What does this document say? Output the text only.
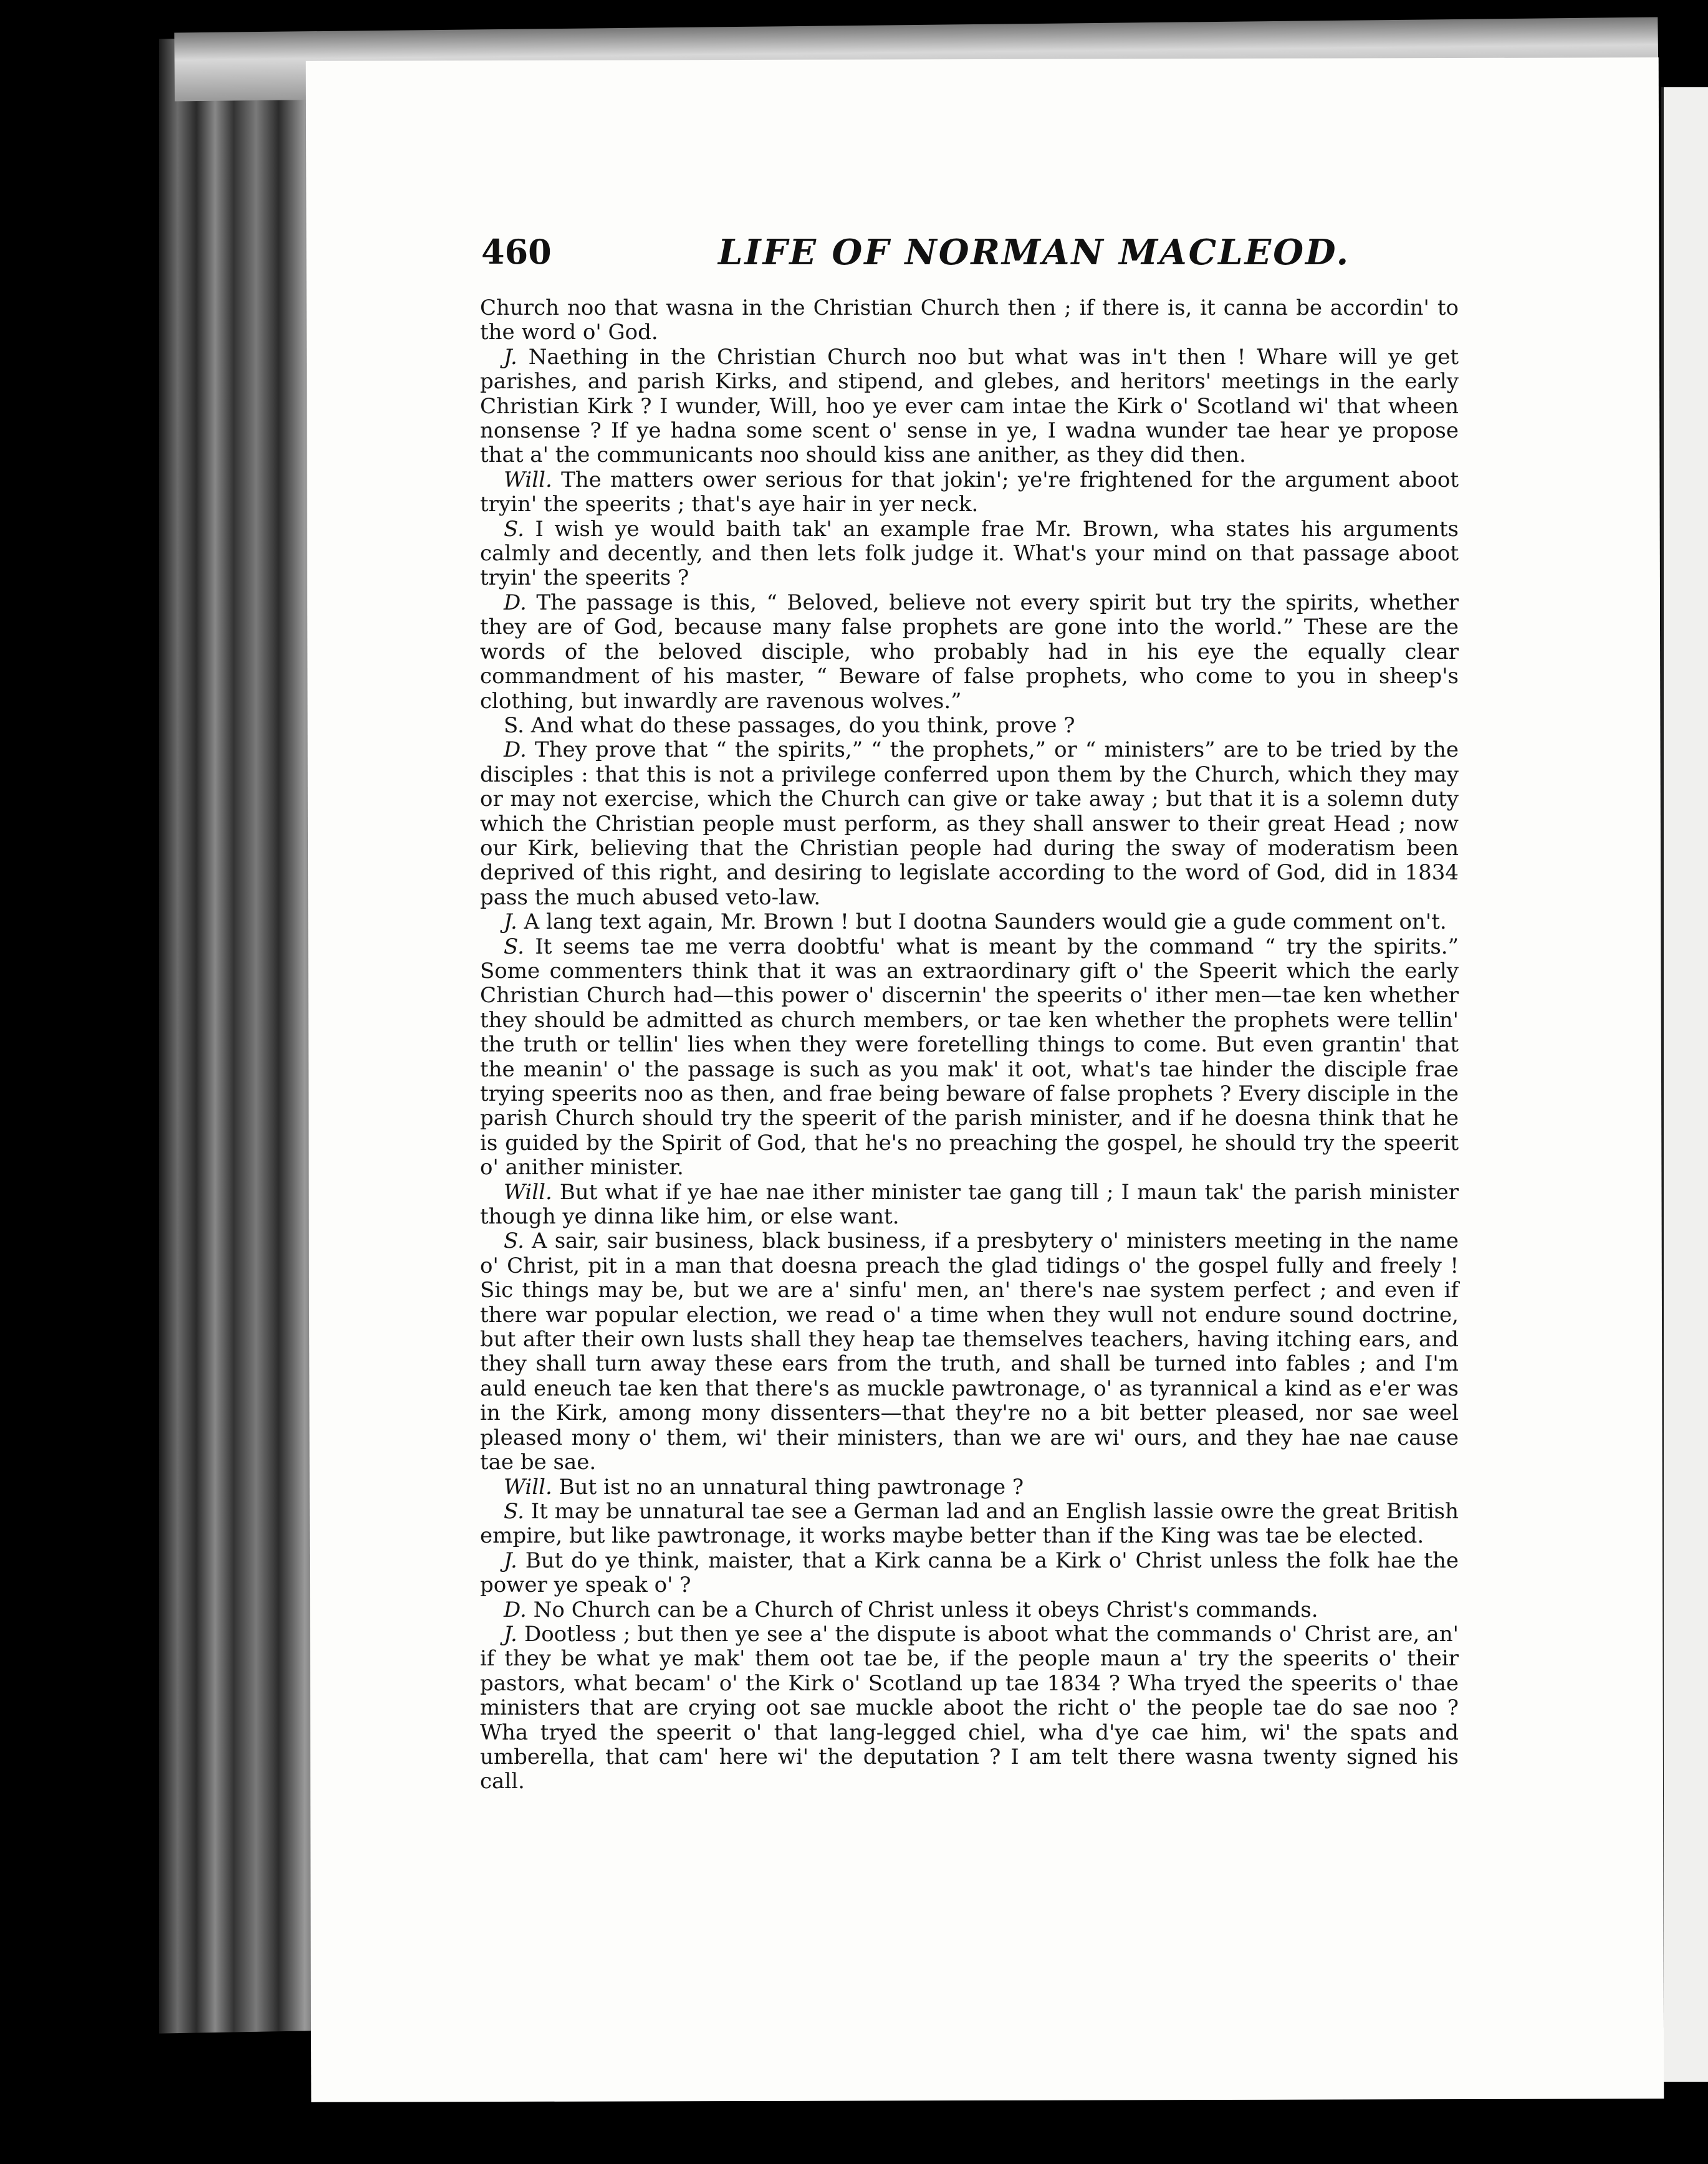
460	LIFE OF NORMAN MACLEOD.

Church noo that wasna in the Christian Church then ; if there is, it canna be accordin' to the word o' God.

J. Naething in the Christian Church noo but what was in't then ! Whare will ye get parishes, and parish Kirks, and stipend, and glebes, and heritors' meetings in the early Christian Kirk ? I wunder, Will, hoo ye ever cam intae the Kirk o' Scotland wi' that wheen nonsense ? If ye hadna some scent o' sense in ye, I wadna wunder tae hear ye propose that a' the communicants noo should kiss ane anither, as they did then.

Will. The matters ower serious for that jokin'; ye're frightened for the argument aboot tryin' the speerits ; that's aye hair in yer neck.

S. I wish ye would baith tak' an example frae Mr. Brown, wha states his arguments calmly and decently, and then lets folk judge it. What's your mind on that passage aboot tryin' the speerits ?

D. The passage is this, “ Beloved, believe not every spirit but try the spirits, whether they are of God, because many false prophets are gone into the world.” These are the words of the beloved disciple, who probably had in his eye the equally clear commandment of his master, “ Beware of false prophets, who come to you in sheep's clothing, but inwardly are ravenous wolves.”

S. And what do these passages, do you think, prove ?

D. They prove that “ the spirits,” “ the prophets,” or “ ministers” are to be tried by the disciples : that this is not a privilege conferred upon them by the Church, which they may or may not exercise, which the Church can give or take away ; but that it is a solemn duty which the Christian people must perform, as they shall answer to their great Head ; now our Kirk, believing that the Christian people had during the sway of moderatism been deprived of this right, and desiring to legislate according to the word of God, did in 1834 pass the much abused veto-law.

J. A lang text again, Mr. Brown ! but I dootna Saunders would gie a gude comment on't.

S. It seems tae me verra doobtfu' what is meant by the command “ try the spirits.” Some commenters think that it was an extraordinary gift o' the Speerit which the early Christian Church had—this power o' discernin' the speerits o' ither men—tae ken whether they should be admitted as church members, or tae ken whether the prophets were tellin' the truth or tellin' lies when they were foretelling things to come. But even grantin' that the meanin' o' the passage is such as you mak' it oot, what's tae hinder the disciple frae trying speerits noo as then, and frae being beware of false prophets ? Every disciple in the parish Church should try the speerit of the parish minister, and if he doesna think that he is guided by the Spirit of God, that he's no preaching the gospel, he should try the speerit o' anither minister.

Will. But what if ye hae nae ither minister tae gang till ; I maun tak' the parish minister though ye dinna like him, or else want.

S. A sair, sair business, black business, if a presbytery o' ministers meeting in the name o' Christ, pit in a man that doesna preach the glad tidings o' the gospel fully and freely ! Sic things may be, but we are a' sinfu' men, an' there's nae system perfect ; and even if there war popular election, we read o' a time when they wull not endure sound doctrine, but after their own lusts shall they heap tae themselves teachers, having itching ears, and they shall turn away these ears from the truth, and shall be turned into fables ; and I'm auld eneuch tae ken that there's as muckle pawtronage, o' as tyrannical a kind as e'er was in the Kirk, among mony dissenters—that they're no a bit better pleased, nor sae weel pleased mony o' them, wi' their ministers, than we are wi' ours, and they hae nae cause tae be sae.

Will. But ist no an unnatural thing pawtronage ?

S. It may be unnatural tae see a German lad and an English lassie owre the great British empire, but like pawtronage, it works maybe better than if the King was tae be elected.

J. But do ye think, maister, that a Kirk canna be a Kirk o' Christ unless the folk hae the power ye speak o' ?

D. No Church can be a Church of Christ unless it obeys Christ's commands.

J. Dootless ; but then ye see a' the dispute is aboot what the commands o' Christ are, an' if they be what ye mak' them oot tae be, if the people maun a' try the speerits o' their pastors, what becam' o' the Kirk o' Scotland up tae 1834 ? Wha tryed the speerits o' thae ministers that are crying oot sae muckle aboot the richt o' the people tae do sae noo ? Wha tryed the speerit o' that lang-legged chiel, wha d'ye cae him, wi' the spats and umberella, that cam' here wi' the deputation ? I am telt there wasna twenty signed his call.
